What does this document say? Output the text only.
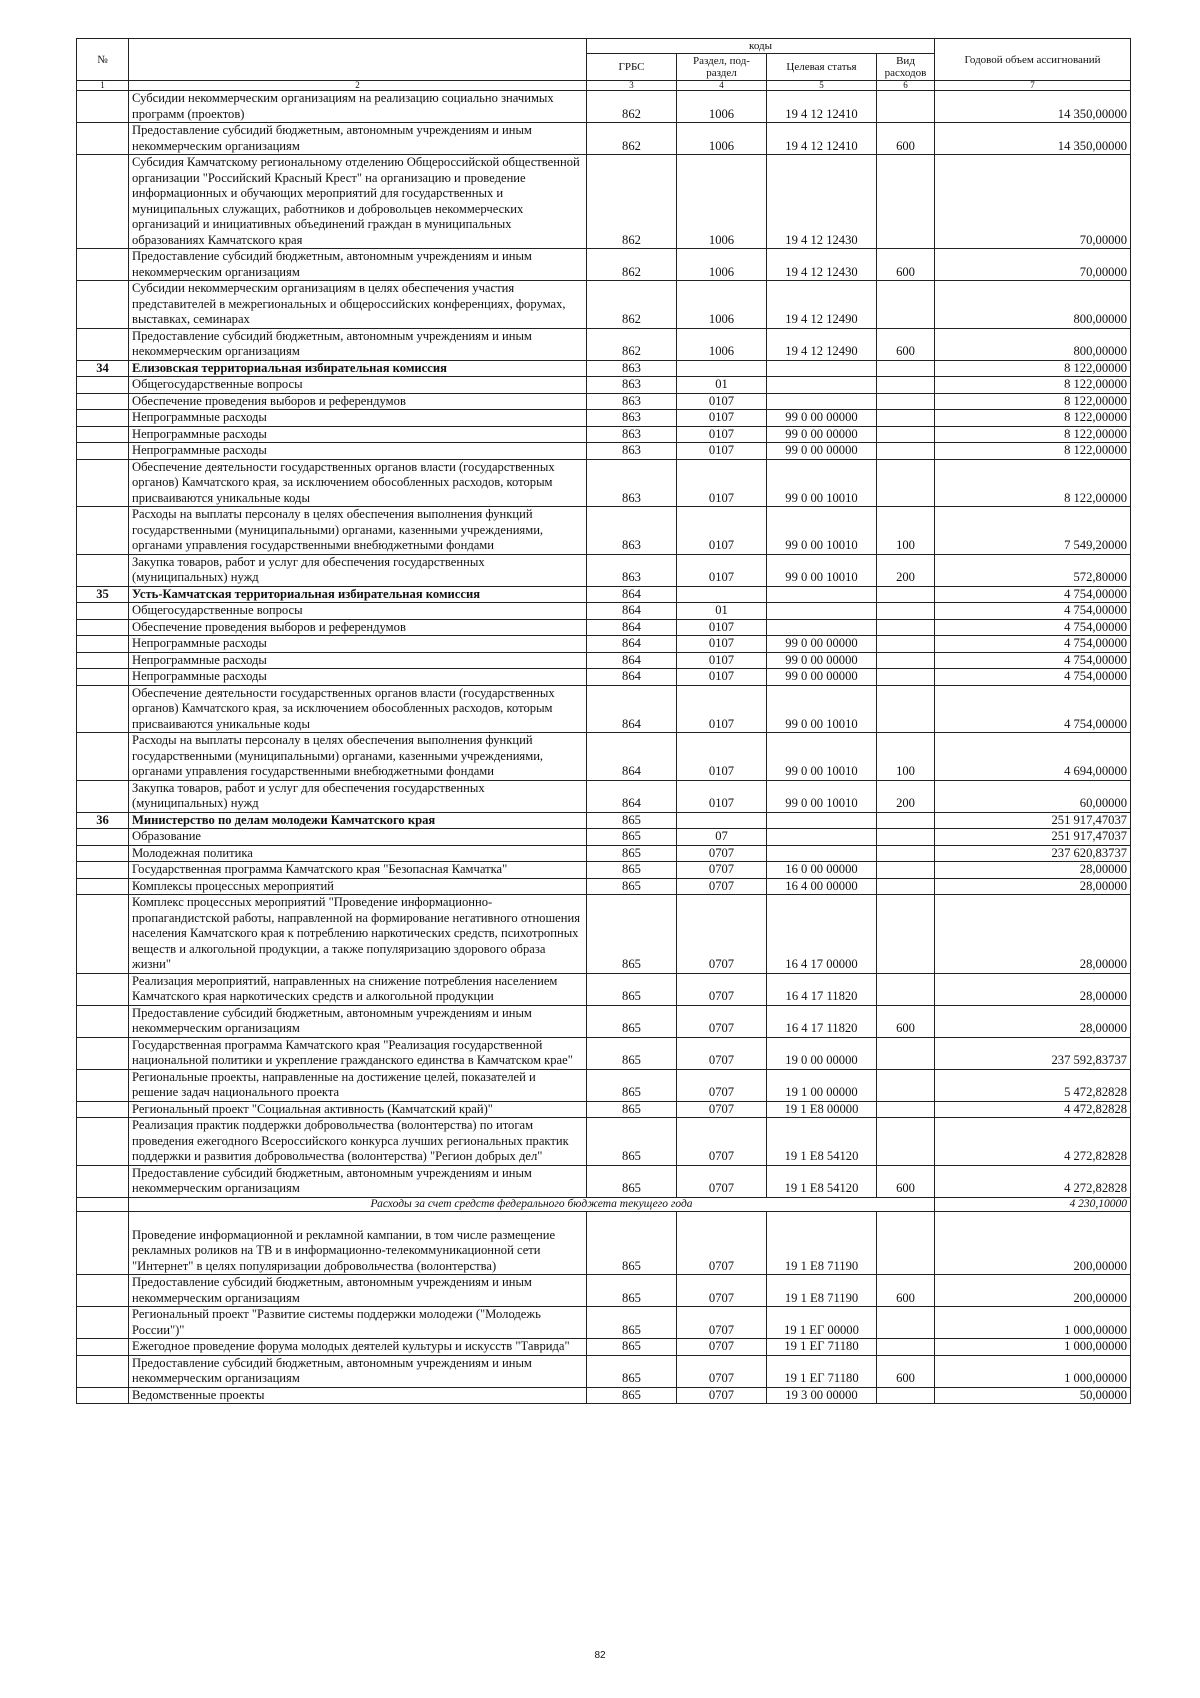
№		коды				Годовой объем ассигнований
		ГРБС	Раздел, под-раздел	Целевая статья	Вид расходов	
1	2	3	4	5	6	7
	Субсидии некоммерческим организациям на реализацию социально значимых программ (проектов)	862	1006	19 4 12 12410		14 350,00000
	Предоставление субсидий бюджетным, автономным учреждениям и иным некоммерческим организациям	862	1006	19 4 12 12410	600	14 350,00000
	Субсидия Камчатскому региональному отделению Общероссийской общественной организации "Российский Красный Крест" на организацию и проведение информационных и обучающих мероприятий для государственных и муниципальных служащих, работников и добровольцев некоммерческих организаций и инициативных объединений граждан в муниципальных образованиях Камчатского края	862	1006	19 4 12 12430		70,00000
	Предоставление субсидий бюджетным, автономным учреждениям и иным некоммерческим организациям	862	1006	19 4 12 12430	600	70,00000
	Субсидии некоммерческим организациям в целях обеспечения участия представителей в межрегиональных и общероссийских конференциях, форумах, выставках, семинарах	862	1006	19 4 12 12490		800,00000
	Предоставление субсидий бюджетным, автономным учреждениям и иным некоммерческим организациям	862	1006	19 4 12 12490	600	800,00000
34	Елизовская территориальная избирательная комиссия	863				8 122,00000
	Общегосударственные вопросы	863	01			8 122,00000
	Обеспечение проведения выборов и референдумов	863	0107			8 122,00000
	Непрограммные расходы	863	0107	99 0 00 00000		8 122,00000
	Непрограммные расходы	863	0107	99 0 00 00000		8 122,00000
	Непрограммные расходы	863	0107	99 0 00 00000		8 122,00000
	Обеспечение деятельности государственных органов власти (государственных органов) Камчатского края, за исключением обособленных расходов, которым присваиваются уникальные коды	863	0107	99 0 00 10010		8 122,00000
	Расходы на выплаты персоналу в целях обеспечения выполнения функций государственными (муниципальными) органами, казенными учреждениями, органами управления государственными внебюджетными фондами	863	0107	99 0 00 10010	100	7 549,20000
	Закупка товаров, работ и услуг для обеспечения государственных (муниципальных) нужд	863	0107	99 0 00 10010	200	572,80000
35	Усть-Камчатская территориальная избирательная комиссия	864				4 754,00000
	Общегосударственные вопросы	864	01			4 754,00000
	Обеспечение проведения выборов и референдумов	864	0107			4 754,00000
	Непрограммные расходы	864	0107	99 0 00 00000		4 754,00000
	Непрограммные расходы	864	0107	99 0 00 00000		4 754,00000
	Непрограммные расходы	864	0107	99 0 00 00000		4 754,00000
	Обеспечение деятельности государственных органов власти (государственных органов) Камчатского края, за исключением обособленных расходов, которым присваиваются уникальные коды	864	0107	99 0 00 10010		4 754,00000
	Расходы на выплаты персоналу в целях обеспечения выполнения функций государственными (муниципальными) органами, казенными учреждениями, органами управления государственными внебюджетными фондами	864	0107	99 0 00 10010	100	4 694,00000
	Закупка товаров, работ и услуг для обеспечения государственных (муниципальных) нужд	864	0107	99 0 00 10010	200	60,00000
36	Министерство по делам молодежи Камчатского края	865				251 917,47037
	Образование	865	07			251 917,47037
	Молодежная политика	865	0707			237 620,83737
	Государственная программа Камчатского края "Безопасная Камчатка"	865	0707	16 0 00 00000		28,00000
	Комплексы процессных мероприятий	865	0707	16 4 00 00000		28,00000
	Комплекс процессных мероприятий "Проведение информационно-пропагандистской работы, направленной на формирование негативного отношения населения Камчатского края к потреблению наркотических средств, психотропных веществ и алкогольной продукции, а также популяризацию здорового образа жизни"	865	0707	16 4 17 00000		28,00000
	Реализация мероприятий, направленных на снижение потребления населением Камчатского края наркотических средств и алкогольной продукции	865	0707	16 4 17 11820		28,00000
	Предоставление субсидий бюджетным, автономным учреждениям и иным некоммерческим организациям	865	0707	16 4 17 11820	600	28,00000
	Государственная программа Камчатского края "Реализация государственной национальной политики и укрепление гражданского единства в Камчатском крае"	865	0707	19 0 00 00000		237 592,83737
	Региональные проекты, направленные на достижение целей, показателей и решение задач национального проекта	865	0707	19 1 00 00000		5 472,82828
	Региональный проект "Социальная активность (Камчатский край)"	865	0707	19 1 E8 00000		4 472,82828
	Реализация практик поддержки добровольчества (волонтерства) по итогам проведения ежегодного Всероссийского конкурса лучших региональных практик поддержки и развития добровольчества (волонтерства) "Регион добрых дел"	865	0707	19 1 E8 54120		4 272,82828
	Предоставление субсидий бюджетным, автономным учреждениям и иным некоммерческим организациям	865	0707	19 1 E8 54120	600	4 272,82828
	Расходы за счет средств федерального бюджета текущего года					4 230,10000
	Проведение информационной и рекламной кампании, в том числе размещение рекламных роликов на ТВ и в информационно-телекоммуникационной сети "Интернет" в целях популяризации добровольчества (волонтерства)	865	0707	19 1 E8 71190		200,00000
	Предоставление субсидий бюджетным, автономным учреждениям и иным некоммерческим организациям	865	0707	19 1 E8 71190	600	200,00000
	Региональный проект "Развитие системы поддержки молодежи ("Молодежь России")"	865	0707	19 1 EГ 00000		1 000,00000
	Ежегодное проведение форума молодых деятелей культуры и искусств "Таврида"	865	0707	19 1 EГ 71180		1 000,00000
	Предоставление субсидий бюджетным, автономным учреждениям и иным некоммерческим организациям	865	0707	19 1 EГ 71180	600	1 000,00000
	Ведомственные проекты	865	0707	19 3 00 00000		50,00000
82
